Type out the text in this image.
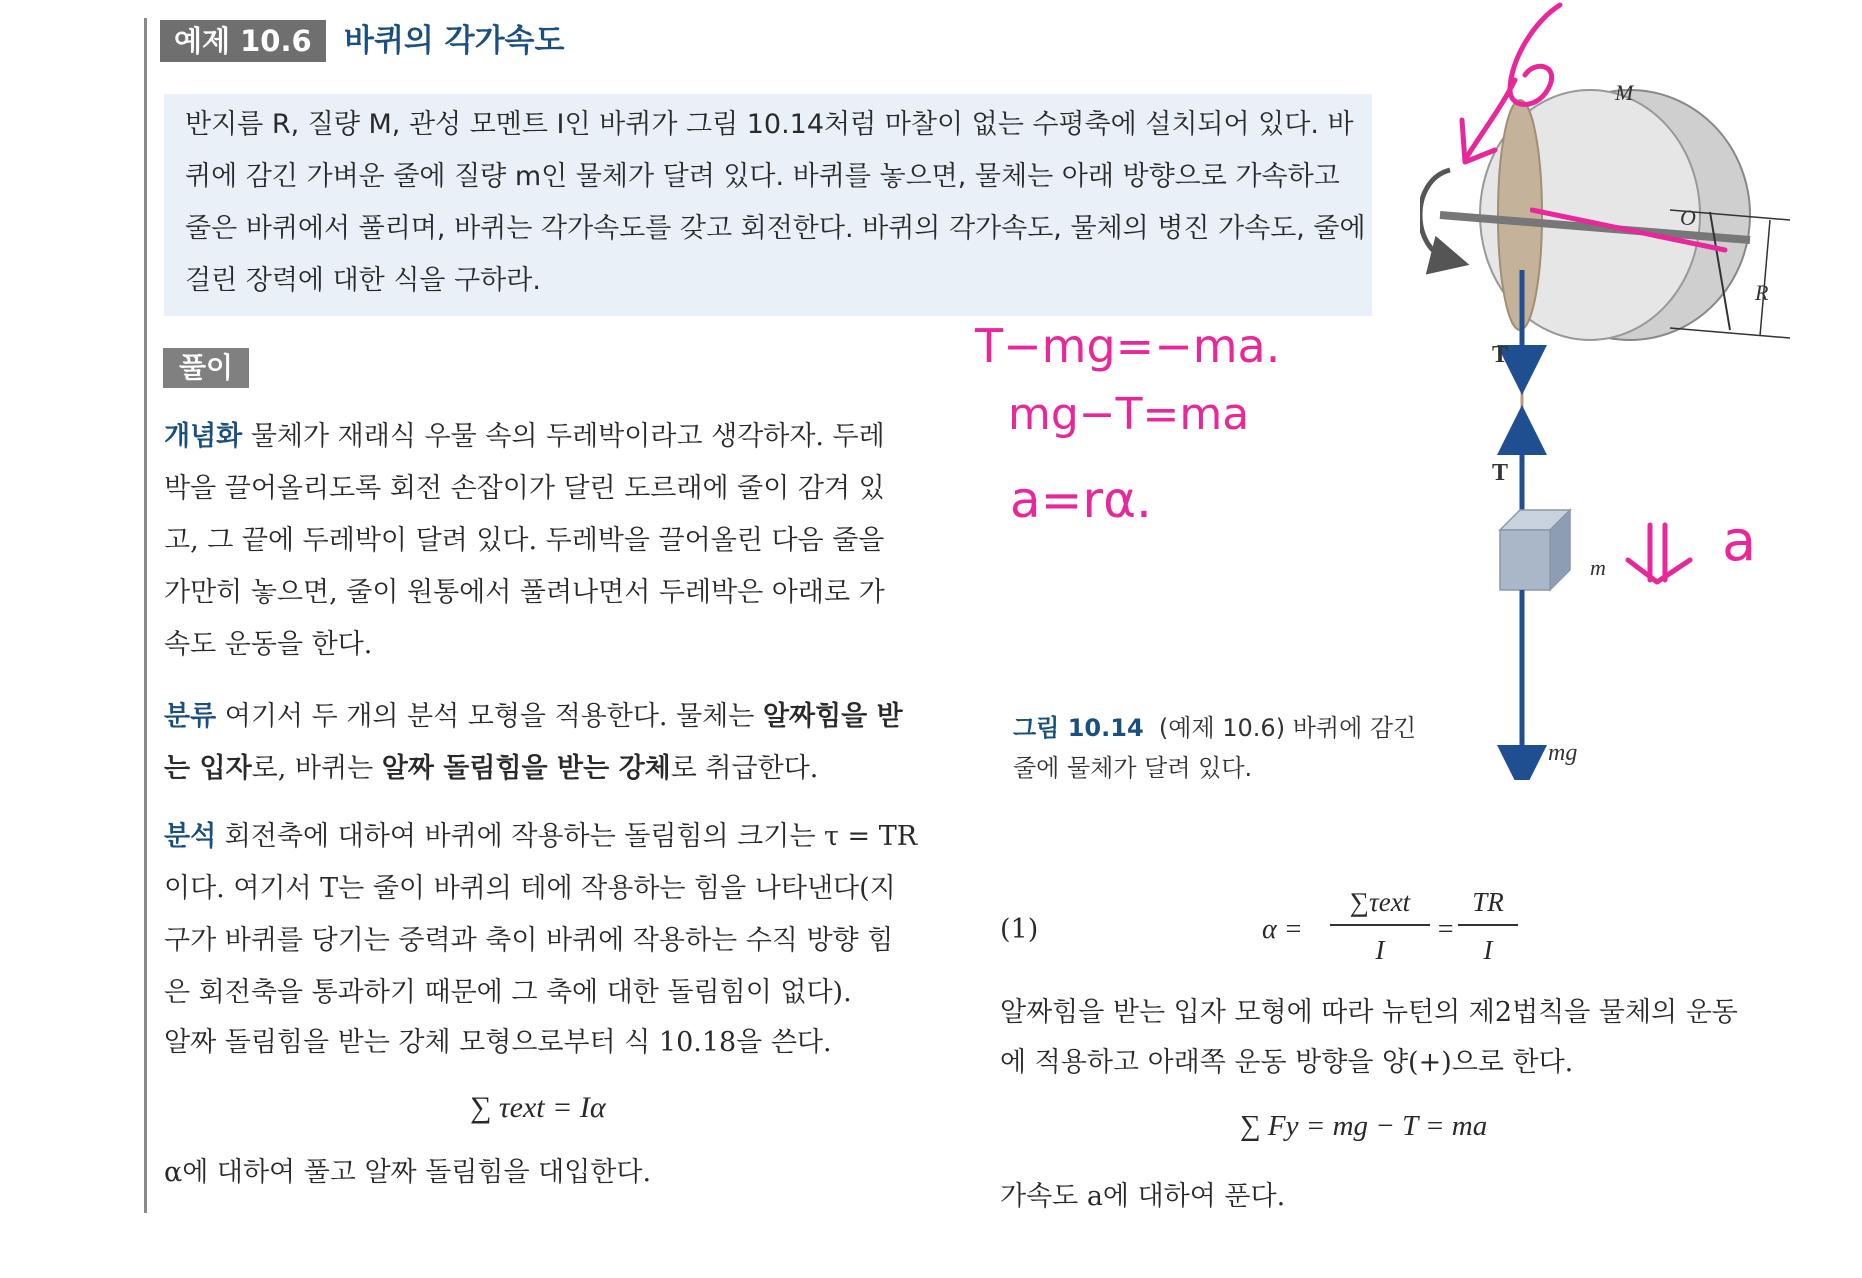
예제 10.6	바퀴의 각가속도
반지름 R, 질량 M, 관성 모멘트 I인 바퀴가 그림 10.14처럼 마찰이 없는 수평축에 설치되어 있다. 바
퀴에 감긴 가벼운 줄에 질량 m인 물체가 달려 있다. 바퀴를 놓으면, 물체는 아래 방향으로 가속하고
줄은 바퀴에서 풀리며, 바퀴는 각가속도를 갖고 회전한다. 바퀴의 각가속도, 물체의 병진 가속도, 줄에
걸린 장력에 대한 식을 구하라.
풀이
개념화 물체가 재래식 우물 속의 두레박이라고 생각하자. 두레
박을 끌어올리도록 회전 손잡이가 달린 도르래에 줄이 감겨 있
고, 그 끝에 두레박이 달려 있다. 두레박을 끌어올린 다음 줄을
가만히 놓으면, 줄이 원통에서 풀려나면서 두레박은 아래로 가
속도 운동을 한다.
분류 여기서 두 개의 분석 모형을 적용한다. 물체는 알짜힘을 받
는 입자로, 바퀴는 알짜 돌림힘을 받는 강체로 취급한다.
분석 회전축에 대하여 바퀴에 작용하는 돌림힘의 크기는 τ = TR
이다. 여기서 T는 줄이 바퀴의 테에 작용하는 힘을 나타낸다(지
구가 바퀴를 당기는 중력과 축이 바퀴에 작용하는 수직 방향 힘
은 회전축을 통과하기 때문에 그 축에 대한 돌림힘이 없다).
알짜 돌림힘을 받는 강체 모형으로부터 식 10.18을 쓴다.
∑ τext = Iα
α에 대하여 풀고 알짜 돌림힘을 대입한다.
(1)	α =
∑τext
I
=
TR
I
알짜힘을 받는 입자 모형에 따라 뉴턴의 제2법칙을 물체의 운동
에 적용하고 아래쪽 운동 방향을 양(+)으로 한다.
∑ Fy = mg − T = ma
가속도 a에 대하여 푼다.
R
M
O
T
T
m
mg
그림 10.14 (예제 10.6) 바퀴에 감긴
줄에 물체가 달려 있다.
T−mg=−ma.
mg−T=ma
a=rα.
a
